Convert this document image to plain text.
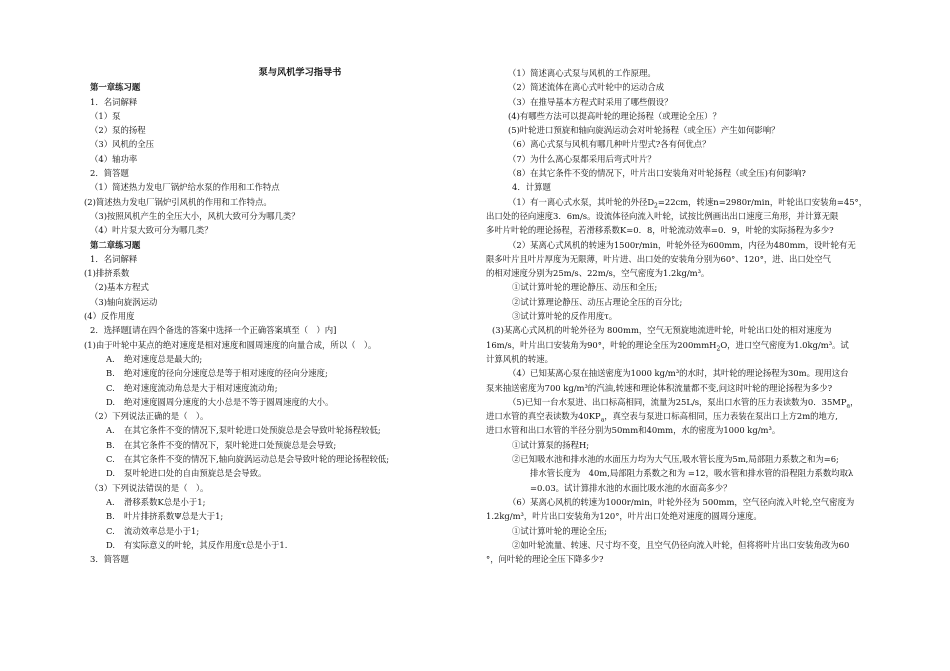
泵与风机学习指导书
第一章练习题
1．名词解释
（1）泵
（2）泵的扬程
（3）风机的全压
（4）轴功率
2．简答题
（1）简述热力发电厂锅炉给水泵的作用和工作特点
(2)简述热力发电厂锅炉引风机的作用和工作特点。
（3)按照风机产生的全压大小，风机大致可分为哪几类？
（4）叶片泵大致可分为哪几类？
第二章练习题
1．名词解释
(1)排挤系数
（2)基本方程式
（3)轴向旋涡运动
(4）反作用度
2．选择题[请在四个备选的答案中选择一个正确答案填至（　）内]
(1)由于叶轮中某点的绝对速度是相对速度和圆周速度的向量合成，所以（　）。
A. 绝对速度总是最大的;
B. 绝对速度的径向分速度总是等于相对速度的径向分速度;
C. 绝对速度流动角总是大于相对速度流动角;
D. 绝对速度圆周分速度的大小总是不等于圆周速度的大小。
（2）下列说法正确的是（　）。
A. 在其它条件不变的情况下,泵叶轮进口处预旋总是会导致叶轮扬程较低;
B. 在其它条件不变的情况下，泵叶轮进口处预旋总是会导致;
C. 在其它条件不变的情况下,轴向旋涡运动总是会导致叶轮的理论扬程较低;
D. 泵叶轮进口处的自由预旋总是会导致。
（3）下列说法错误的是（　）。
A. 滑移系数K总是小于1;
B. 叶片排挤系数Ψ总是大于1;
C. 流动效率总是小于1;
D. 有实际意义的叶轮，其反作用度τ总是小于1.
3．简答题
（1）简述离心式泵与风机的工作原理。
（2）简述流体在离心式叶轮中的运动合成
（3）在推导基本方程式时采用了哪些假设？
(4)有哪些方法可以提高叶轮的理论扬程（或理论全压）？
(5)叶轮进口预旋和轴向旋涡运动会对叶轮扬程（或全压）产生如何影响？
（6）离心式泵与风机有哪几种叶片型式?各有何优点？
（7）为什么离心泵都采用后弯式叶片？
（8）在其它条件不变的情况下，叶片出口安装角对叶轮扬程（或全压)有何影响?
4．计算题
（1）有一离心式水泵，其叶轮的外径$D_2=22cm$，转速n=2980r/min，叶轮出口安装角=45°，
出口处的径向速度3．6m/s。设流体径向流入叶轮，试按比例画出出口速度三角形，并计算无限
多叶片叶轮的理论扬程，若滑移系数K=0．8，叶轮流动效率=0．9，叶轮的实际扬程为多少?
（2）某离心式风机的转速为1500r/min，叶轮外径为600mm，内径为480mm，设叶轮有无
限多叶片且叶片厚度为无限薄，叶片进、出口处的安装角分别为60°、120°，进、出口处空气
的相对速度分别为25m/s、22m/s，空气密度为1.2kg/m³。
①试计算叶轮的理论静压、动压和全压;
②试计算理论静压、动压占理论全压的百分比;
③试计算叶轮的反作用度τ。
(3)某离心式风机的叶轮外径为 800mm，空气无预旋地流进叶轮，叶轮出口处的相对速度为
16m/s，叶片出口安装角为90°，叶轮的理论全压为200mmH$_2$O，进口空气密度为1.0kg/m³。试
计算风机的转速。
（4）已知某离心泵在抽送密度为1000 kg/m³的水时，其叶轮的理论扬程为30m。现用这台
泵来抽送密度为700 kg/m³的汽油,转速和理论体积流量都不变,问这时叶轮的理论扬程为多少?
（5)已知一台水泵进、出口标高相同，流量为25L/s，泵出口水管的压力表读数为0．$35MP_a$，
进口水管的真空表读数为$40KP_a$，真空表与泵进口标高相同，压力表装在泵出口上方2m的地方,
进口水管和出口水管的半径分别为50mm和40mm，水的密度为1000 kg/m³。
①试计算泵的扬程H;
②已知吸水池和排水池的水面压力均为大气压,吸水管长度为5m,局部阻力系数之和为=6;
排水管长度为　40m,局部阻力系数之和为 =12，吸水管和排水管的沿程阻力系数均取λ
=0.03。试计算排水池的水面比吸水池的水面高多少？
（6）某离心风机的转速为1000r/min，叶轮外径为 500mm，空气径向流入叶轮,空气密度为
1.2kg/m³，叶片出口安装角为120°，叶片出口处绝对速度的圆周分速度。
①试计算叶轮的理论全压;
②如叶轮流量、转速、尺寸均不变，且空气仍径向流入叶轮，但将将叶片出口安装角改为60
°，问叶轮的理论全压下降多少?
